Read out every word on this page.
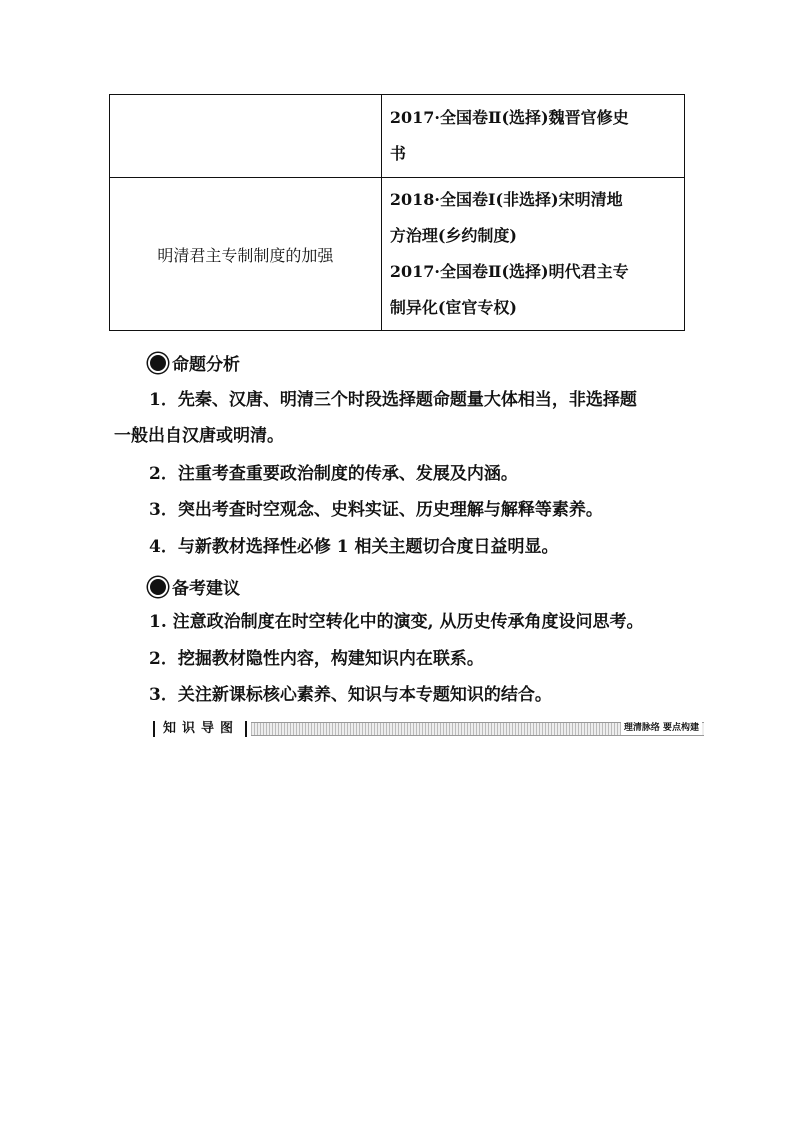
	2017·全国卷Ⅱ(选择)魏晋官修史
书

明清君主专制制度的加强	2018·全国卷Ⅰ(非选择)宋明清地
方治理(乡约制度)
2017·全国卷Ⅱ(选择)明代君主专
制异化(宦官专权)
命题分析
1．先秦、汉唐、明清三个时段选择题命题量大体相当，非选择题
一般出自汉唐或明清。
2．注重考查重要政治制度的传承、发展及内涵。
3．突出考查时空观念、史料实证、历史理解与解释等素养。
4．与新教材选择性必修 1 相关主题切合度日益明显。
备考建议
1. 注意政治制度在时空转化中的演变, 从历史传承角度设问思考。
2．挖掘教材隐性内容，构建知识内在联系。
3．关注新课标核心素养、知识与本专题知识的结合。
知识导图	理清脉络 要点构建
